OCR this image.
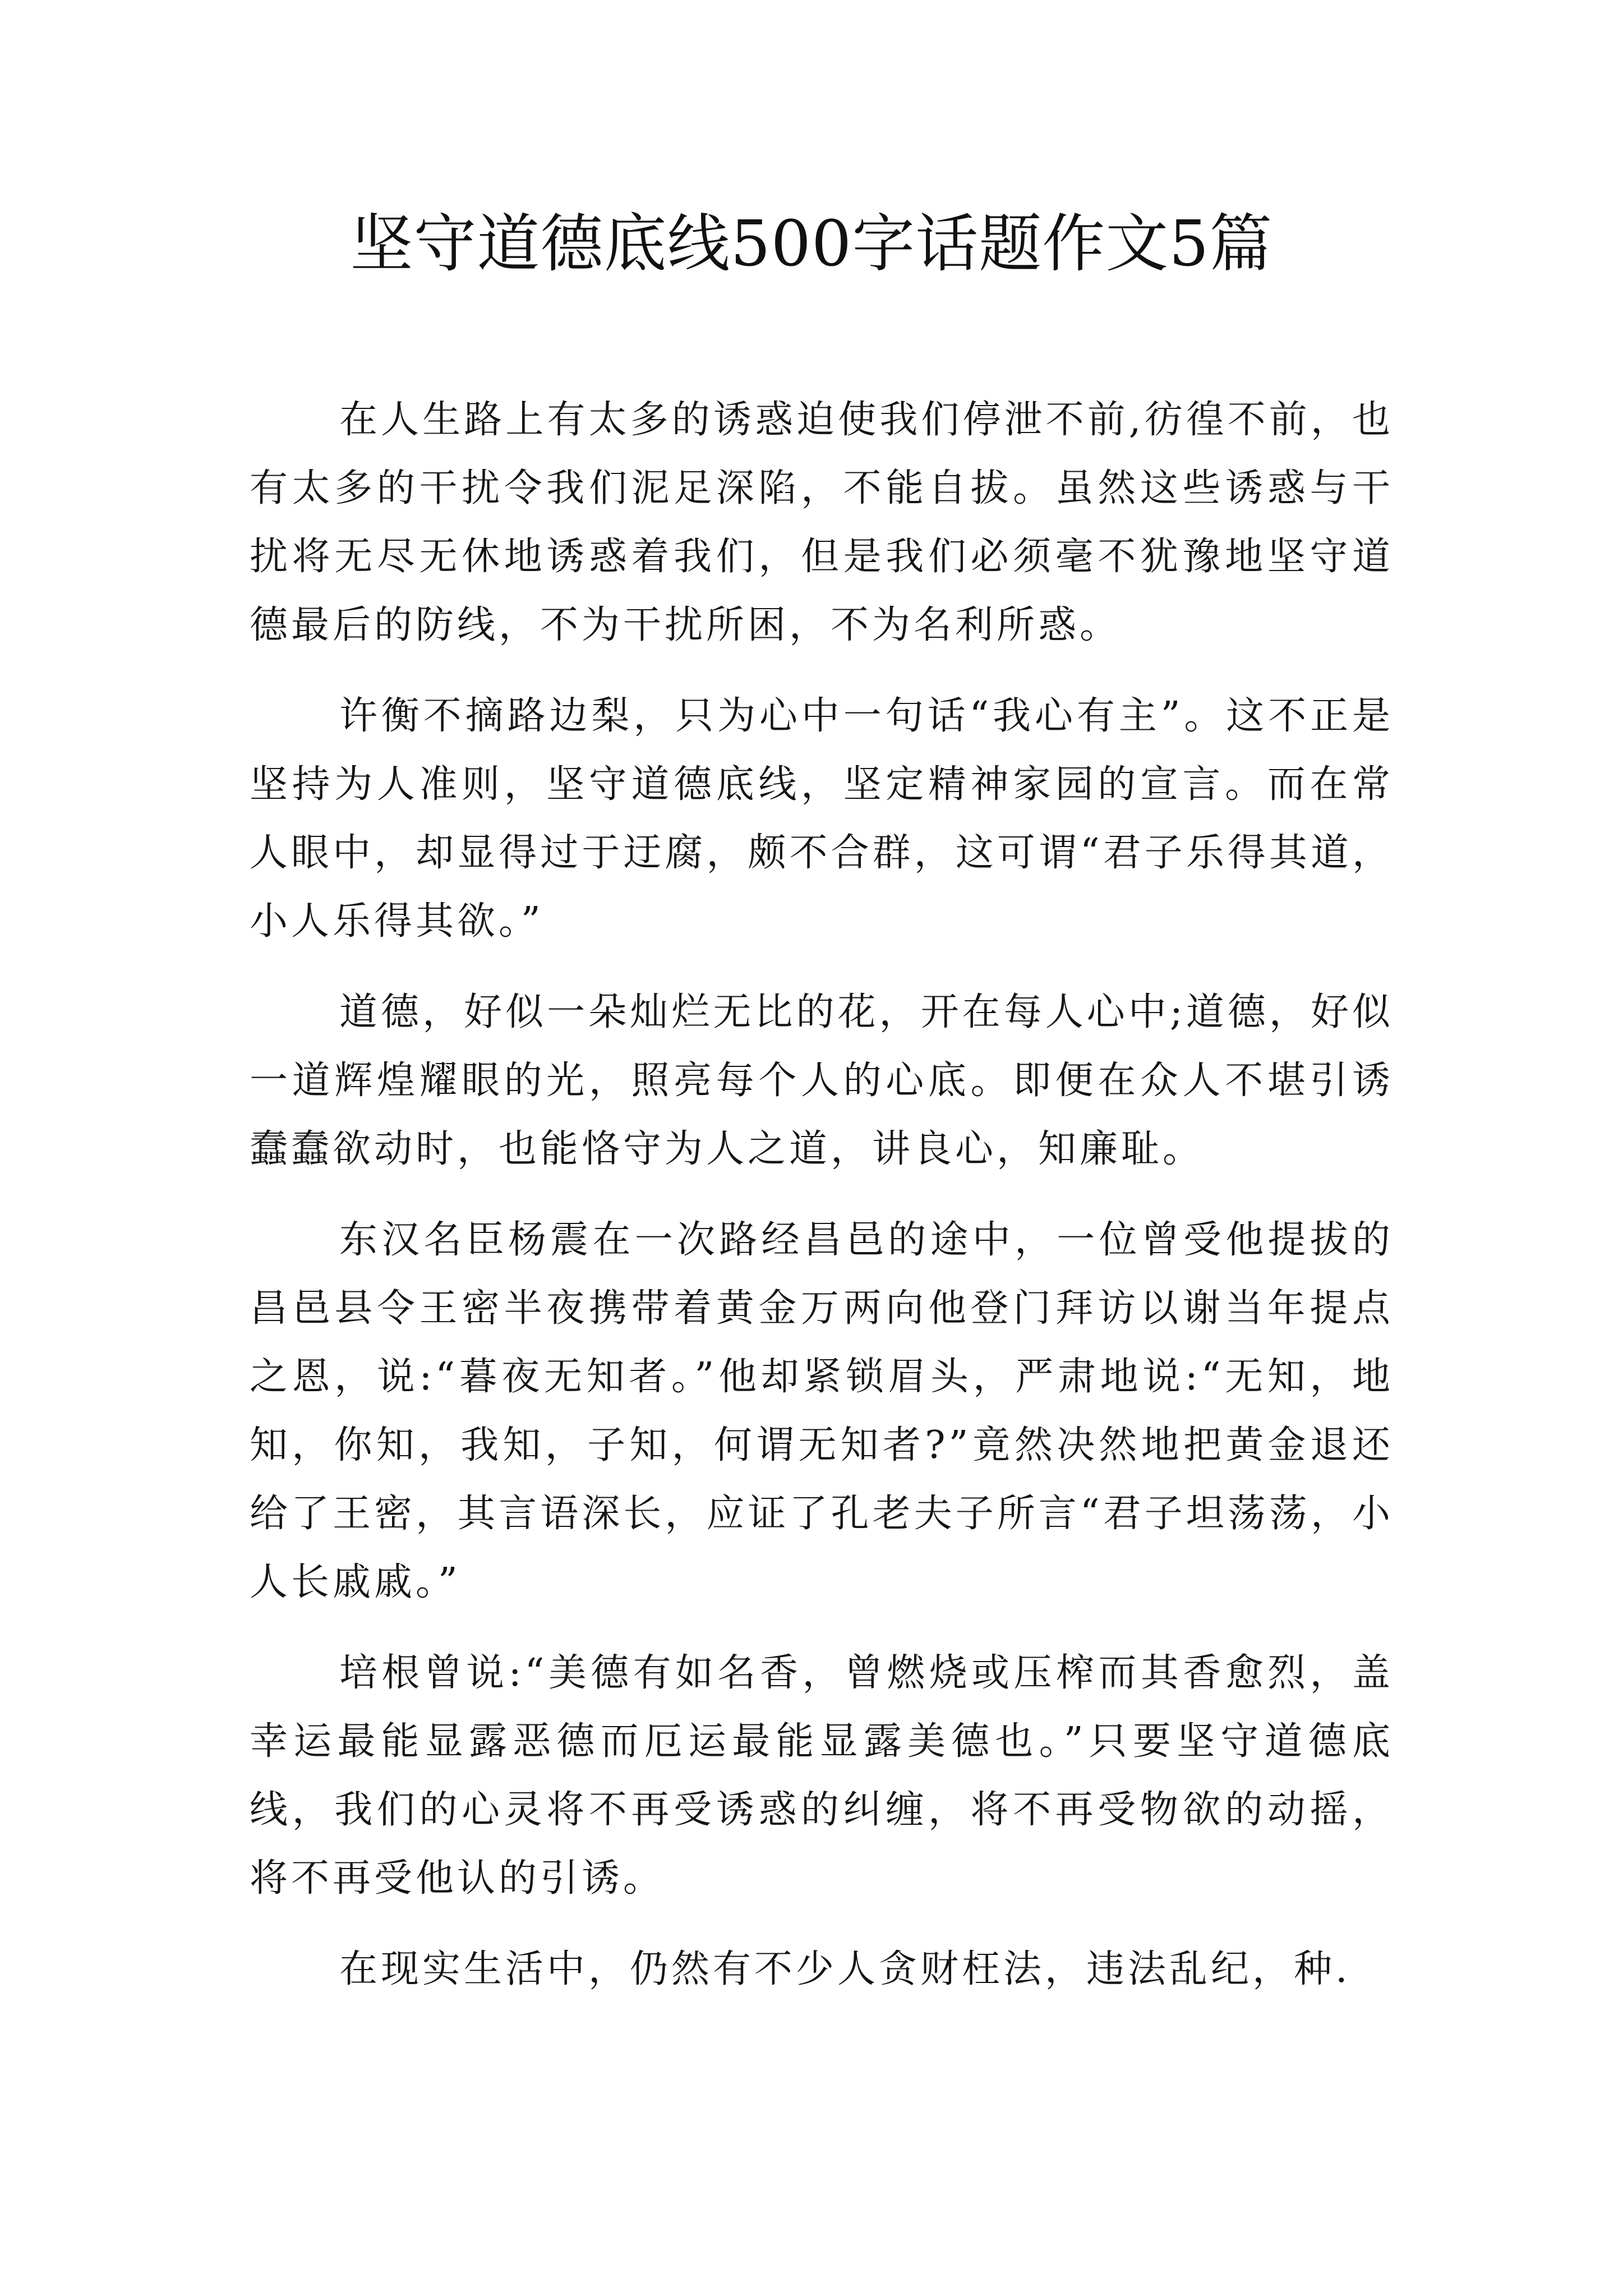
坚守道德底线500字话题作文5篇

在人生路上有太多的诱惑迫使我们停泄不前,彷徨不前，也有太多的干扰令我们泥足深陷，不能自拔。虽然这些诱惑与干扰将无尽无休地诱惑着我们，但是我们必须毫不犹豫地坚守道德最后的防线，不为干扰所困，不为名利所惑。

许衡不摘路边梨，只为心中一句话“我心有主”。这不正是坚持为人准则，坚守道德底线，坚定精神家园的宣言。而在常人眼中，却显得过于迂腐，颇不合群，这可谓“君子乐得其道，小人乐得其欲。”

道德，好似一朵灿烂无比的花，开在每人心中;道德，好似一道辉煌耀眼的光，照亮每个人的心底。即便在众人不堪引诱蠢蠢欲动时，也能恪守为人之道，讲良心，知廉耻。

东汉名臣杨震在一次路经昌邑的途中，一位曾受他提拔的昌邑县令王密半夜携带着黄金万两向他登门拜访以谢当年提点之恩，说:“暮夜无知者。”他却紧锁眉头，严肃地说:“无知，地知，你知，我知，子知，何谓无知者?”竟然决然地把黄金退还给了王密，其言语深长，应证了孔老夫子所言“君子坦荡荡，小人长戚戚。”

培根曾说:“美德有如名香，曾燃烧或压榨而其香愈烈，盖幸运最能显露恶德而厄运最能显露美德也。”只要坚守道德底线，我们的心灵将不再受诱惑的纠缠，将不再受物欲的动摇，将不再受他认的引诱。

在现实生活中，仍然有不少人贪财枉法，违法乱纪，种.
